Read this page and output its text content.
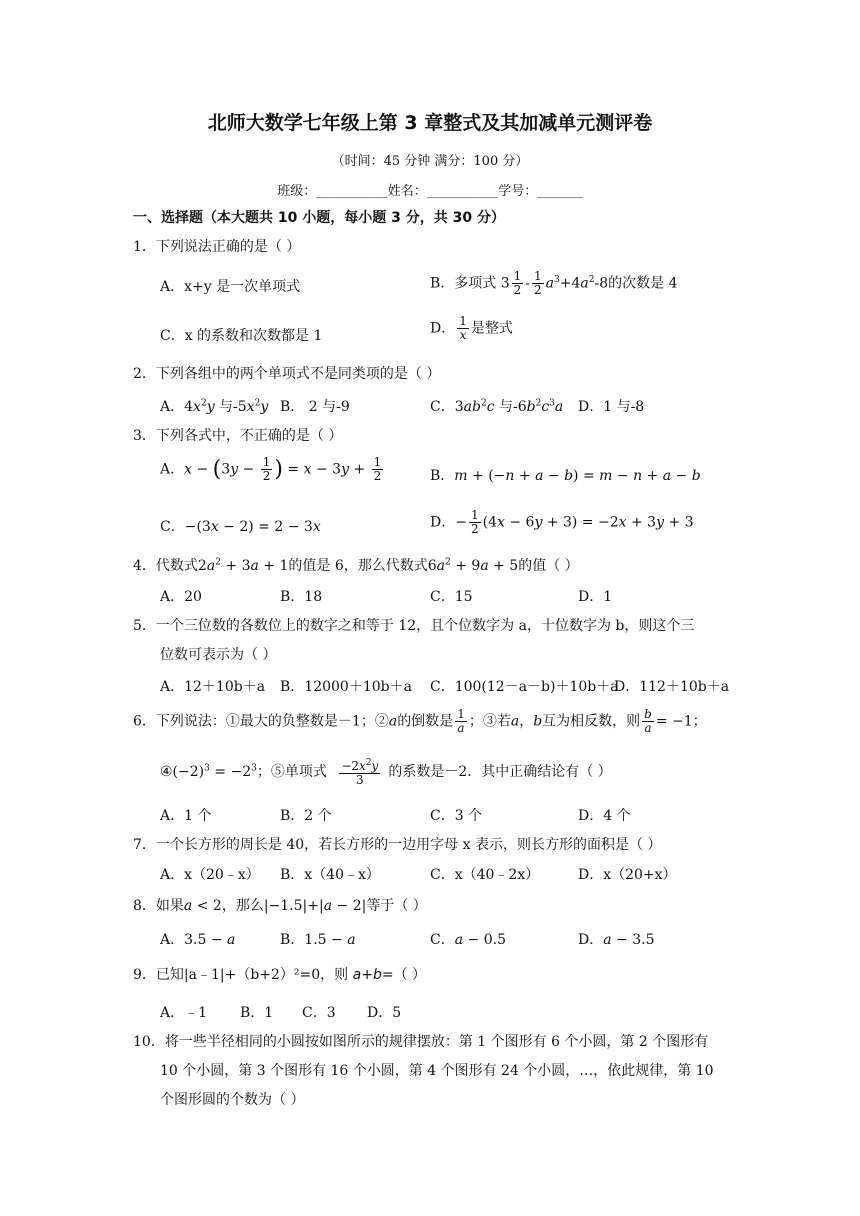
北师大数学七年级上第 3 章整式及其加减单元测评卷
（时间：45 分钟 满分：100 分）
班级：___________姓名：___________学号：_______
一、选择题（本大题共 10 小题，每小题 3 分，共 30 分）
1．下列说法正确的是（ ）
A．x+y 是一次单项式	B．多项式 $3 \frac{1}{2} - \frac{1}{2} a^3+4a^2-8$的次数是 4
C．x 的系数和次数都是 1	D． $\frac{1}{x}$ 是整式
2．下列各组中的两个单项式不是同类项的是（ ）
A．$4x^2y$ 与$-5x^2y$ B． 2 与-9	C．$3ab^2c$ 与$-6b^2c^3a$ D．1 与-8
3．下列各式中，不正确的是（ ）
A．$x - (3y - \frac{1}{2}$ ) = $x - 3y + \frac{1}{2}$	B．m + (−n + a − b) = m − n + a − b
C．−(3x − 2) = 2 − 3x	D．− $\frac{1}{2} (4x - 6y + 3) = -2x + 3y + 3$
4．代数式$2a^2 + 3a + 1$的值是 6，那么代数式$6a^2 + 9a + 5$的值（ ）
A．20	B．18	C．15	D．1
5．一个三位数的各数位上的数字之和等于 12，且个位数字为 a，十位数字为 b，则这个三
位数可表示为（ ）
A．12＋10b＋a B．12000＋10b＋a C．100(12－a－b)＋10b＋a
D．112＋10b＋a
6．下列说法：①最大的负整数是－1；②a的倒数是 $\frac{1}{a}$ ；③若a，b互为相反数，则 $\frac{b}{a} = -1$；
$④(-2)^3 = -2^3$；⑤单项式 $\frac{-2x^2y}{3}$ 的系数是－2．其中正确结论有（ ）
A．1 个	B．2 个	C．3 个	D．4 个
7．一个长方形的周长是 40，若长方形的一边用字母 x 表示，则长方形的面积是（ ）
A．x（20﹣x） B．x（40﹣x）	C．x（40﹣2x）	D．x（20+x）
8．如果a < 2，那么|−1.5|+|a − 2|等于（ ）
A．3.5 − a	B．1.5 − a	C．a − 0.5	D．a − 3.5
9．已知|a﹣1|+（b+2）²=0，则 a+b=（ ）
A．﹣1 B．1 C．3 D．5
10．将一些半径相同的小圆按如图所示的规律摆放：第 1 个图形有 6 个小圆，第 2 个图形有
10 个小圆，第 3 个图形有 16 个小圆，第 4 个图形有 24 个小圆，…，依此规律，第 10
个图形圆的个数为（ ）
